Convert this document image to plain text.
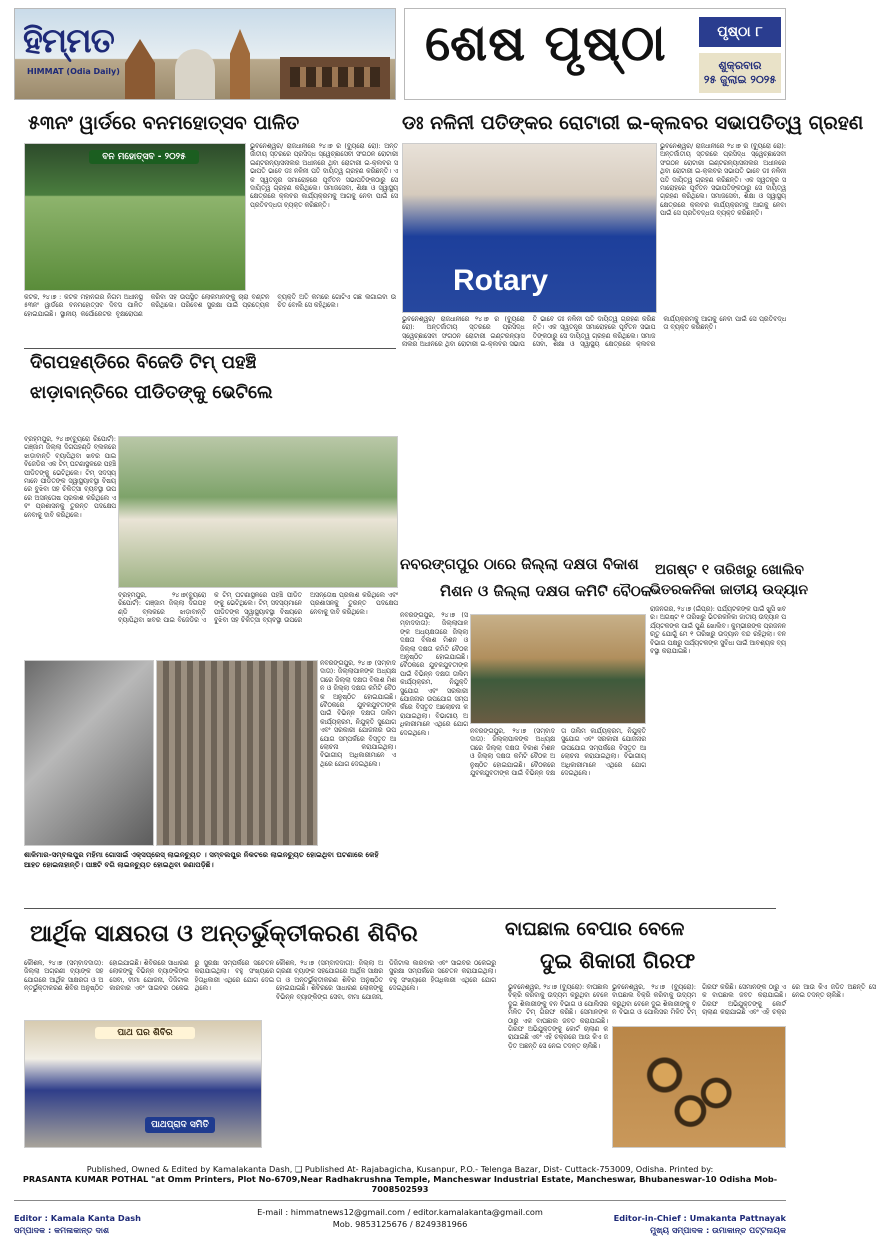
ହିମ୍ମତ
HIMMAT (Odia Daily)	ଶେଷ ପୃଷ୍ଠା	ପୃଷ୍ଠା ୮
ଶୁକ୍ରବାର
୨୫ ଜୁଲାଇ ୨୦୨୫
୫୩ନଂ ୱାର୍ଡରେ ବନମହୋତ୍ସବ ପାଳିତ
ବନ ମହୋତ୍ସବ - ୨୦୨୫
କଟକ, ୨୪।୭ : କଟକ ମହାନଗର ନିଗମ ଅଧୀନସ୍ଥ ୫୩ନଂ ୱାର୍ଡରେ ବନମହୋତ୍ସବ ଦିବସ ପାଳିତ ହୋଇଯାଇଛି। ସ୍ଥାନୀୟ କର୍ପୋରେଟର ବୃକ୍ଷରୋପଣ କରିବା ସହ ଉପସ୍ଥିତ ଲୋକମାନଙ୍କୁ ଚାରା ବଣ୍ଟନ କରିଥିଲେ। ପରିବେଶ ସୁରକ୍ଷା ପାଇଁ ପ୍ରତ୍ୟେକ ବ୍ୟକ୍ତି ଅତି କମରେ ଗୋଟିଏ ଗଛ ଲଗାଇବା ଉଚିତ ବୋଲି ସେ କହିଥିଲେ।
ଡଃ ନଳିନୀ ପତିଙ୍କର ରୋଟାରୀ ଇ-କ୍ଲବର ସଭାପତିତ୍ୱ ଗ୍ରହଣ
ଭୁବନେଶ୍ୱର/ ରାଜଧାନୀରେ ୨୪।୭ ର (ବ୍ୟୁରୋ ରୋ): ଅନ୍ତର୍ଜାତୀୟ ସ୍ତରରେ ପ୍ରସିଦ୍ଧ ସ୍ୱେଚ୍ଛାସେବୀ ସଂଗଠନ ରୋଟାରୀ ଇଣ୍ଟରନ୍ୟାସନାଲର ଅଧୀନରେ ଥିବା ରୋଟାରୀ ଇ-କ୍ଲବର ସଭାପତି ଭାବେ ଡଃ ନଳିନୀ ପତି ଦାୟିତ୍ୱ ଗ୍ରହଣ କରିଛନ୍ତି। ଏକ ସ୍ୱତନ୍ତ୍ର ସମାରୋହରେ ପୂର୍ବତନ ସଭାପତିଙ୍କଠାରୁ ସେ ଦାୟିତ୍ୱ ଗ୍ରହଣ କରିଥିଲେ। ସମାଜସେବା, ଶିକ୍ଷା ଓ ସ୍ୱାସ୍ଥ୍ୟ କ୍ଷେତ୍ରରେ କ୍ଲବର କାର୍ଯ୍ୟକ୍ରମକୁ ଆଗକୁ ନେବା ପାଇଁ ସେ ପ୍ରତିବଦ୍ଧତା ବ୍ୟକ୍ତ କରିଛନ୍ତି।
Rotary
ଭୁବନେଶ୍ୱର/ ରାଜଧାନୀରେ ୨୪।୭ ର (ବ୍ୟୁରୋ ରୋ): ଅନ୍ତର୍ଜାତୀୟ ସ୍ତରରେ ପ୍ରସିଦ୍ଧ ସ୍ୱେଚ୍ଛାସେବୀ ସଂଗଠନ ରୋଟାରୀ ଇଣ୍ଟରନ୍ୟାସନାଲର ଅଧୀନରେ ଥିବା ରୋଟାରୀ ଇ-କ୍ଲବର ସଭାପତି ଭାବେ ଡଃ ନଳିନୀ ପତି ଦାୟିତ୍ୱ ଗ୍ରହଣ କରିଛନ୍ତି। ଏକ ସ୍ୱତନ୍ତ୍ର ସମାରୋହରେ ପୂର୍ବତନ ସଭାପତିଙ୍କଠାରୁ ସେ ଦାୟିତ୍ୱ ଗ୍ରହଣ କରିଥିଲେ। ସମାଜସେବା, ଶିକ୍ଷା ଓ ସ୍ୱାସ୍ଥ୍ୟ କ୍ଷେତ୍ରରେ କ୍ଲବର କାର୍ଯ୍ୟକ୍ରମକୁ ଆଗକୁ ନେବା ପାଇଁ ସେ ପ୍ରତିବଦ୍ଧତା ବ୍ୟକ୍ତ କରିଛନ୍ତି।
ଭୁବନେଶ୍ୱର/ ରାଜଧାନୀରେ ୨୪।୭ ର (ବ୍ୟୁରୋ ରୋ): ଅନ୍ତର୍ଜାତୀୟ ସ୍ତରରେ ପ୍ରସିଦ୍ଧ ସ୍ୱେଚ୍ଛାସେବୀ ସଂଗଠନ ରୋଟାରୀ ଇଣ୍ଟରନ୍ୟାସନାଲର ଅଧୀନରେ ଥିବା ରୋଟାରୀ ଇ-କ୍ଲବର ସଭାପତି ଭାବେ ଡଃ ନଳିନୀ ପତି ଦାୟିତ୍ୱ ଗ୍ରହଣ କରିଛନ୍ତି। ଏକ ସ୍ୱତନ୍ତ୍ର ସମାରୋହରେ ପୂର୍ବତନ ସଭାପତିଙ୍କଠାରୁ ସେ ଦାୟିତ୍ୱ ଗ୍ରହଣ କରିଥିଲେ। ସମାଜସେବା, ଶିକ୍ଷା ଓ ସ୍ୱାସ୍ଥ୍ୟ କ୍ଷେତ୍ରରେ କ୍ଲବର କାର୍ଯ୍ୟକ୍ରମକୁ ଆଗକୁ ନେବା ପାଇଁ ସେ ପ୍ରତିବଦ୍ଧତା ବ୍ୟକ୍ତ କରିଛନ୍ତି।
ଦିଗପହଣ୍ଡିରେ ବିଜେଡି ଟିମ୍ ପହଞ୍ଚି
ଝାଡ଼ାବାନ୍ତିରେ ପୀଡିତଙ୍କୁ ଭେଟିଲେ
ବ୍ରହ୍ମପୁର, ୨୪।୭(ବ୍ୟୁରୋ ରିପୋର୍ଟ): ଗଞ୍ଜାମ ଜିଲ୍ଲା ଦିଗପହଣ୍ଡି ବ୍ଲକରେ ଝାଡ଼ାବାନ୍ତି ବ୍ୟାପିଥିବା ଖବର ପାଇ ବିଜେଡିର ଏକ ଟିମ୍ ଘଟଣାସ୍ଥଳରେ ପହଞ୍ଚି ପୀଡିତଙ୍କୁ ଭେଟିଥିଲେ। ଟିମ୍ ସଦସ୍ୟମାନେ ପୀଡିତଙ୍କ ସ୍ୱାସ୍ଥ୍ୟାବସ୍ଥା ବିଷୟରେ ବୁଝିବା ସହ ଚିକିତ୍ସା ବ୍ୟବସ୍ଥା ଉପରେ ଅସନ୍ତୋଷ ପ୍ରକାଶ କରିଥିଲେ ଏବଂ ପ୍ରଶାସନକୁ ତୁରନ୍ତ ପଦକ୍ଷେପ ନେବାକୁ ଦାବି କରିଥିଲେ।
ବ୍ରହ୍ମପୁର, ୨୪।୭(ବ୍ୟୁରୋ ରିପୋର୍ଟ): ଗଞ୍ଜାମ ଜିଲ୍ଲା ଦିଗପହଣ୍ଡି ବ୍ଲକରେ ଝାଡ଼ାବାନ୍ତି ବ୍ୟାପିଥିବା ଖବର ପାଇ ବିଜେଡିର ଏକ ଟିମ୍ ଘଟଣାସ୍ଥଳରେ ପହଞ୍ଚି ପୀଡିତଙ୍କୁ ଭେଟିଥିଲେ। ଟିମ୍ ସଦସ୍ୟମାନେ ପୀଡିତଙ୍କ ସ୍ୱାସ୍ଥ୍ୟାବସ୍ଥା ବିଷୟରେ ବୁଝିବା ସହ ଚିକିତ୍ସା ବ୍ୟବସ୍ଥା ଉପରେ ଅସନ୍ତୋଷ ପ୍ରକାଶ କରିଥିଲେ ଏବଂ ପ୍ରଶାସନକୁ ତୁରନ୍ତ ପଦକ୍ଷେପ ନେବାକୁ ଦାବି କରିଥିଲେ।
ନବରଙ୍ଗପୁର ଠାରେ ଜିଲ୍ଲା ଦକ୍ଷତା ବିକାଶ
ମିଶନ ଓ ଜିଲ୍ଲା ଦକ୍ଷତା କମିଟି ବୈଠକ
ନବରଙ୍ଗପୁର, ୨୪।୭ (ସମ୍ବାଦଦାତା): ଜିଲ୍ଲାପାଳଙ୍କ ଅଧ୍ୟକ୍ଷତାରେ ଜିଲ୍ଲା ଦକ୍ଷତା ବିକାଶ ମିଶନ ଓ ଜିଲ୍ଲା ଦକ୍ଷତା କମିଟି ବୈଠକ ଅନୁଷ୍ଠିତ ହୋଇଯାଇଛି। ବୈଠକରେ ଯୁବକଯୁବତୀଙ୍କ ପାଇଁ ବିଭିନ୍ନ ଦକ୍ଷତା ତାଲିମ କାର୍ଯ୍ୟକ୍ରମ, ନିଯୁକ୍ତି ସୁଯୋଗ ଏବଂ ସରକାରୀ ଯୋଜନାର ଉପଯୋଗ ସମ୍ପର୍କରେ ବିସ୍ତୃତ ଆଲୋଚନା କରାଯାଇଥିଲା। ବିଭାଗୀୟ ଅଧିକାରୀମାନେ ଏଥିରେ ଯୋଗ ଦେଇଥିଲେ।	ନବରଙ୍ଗପୁର, ୨୪।୭ (ସମ୍ବାଦଦାତା): ଜିଲ୍ଲାପାଳଙ୍କ ଅଧ୍ୟକ୍ଷତାରେ ଜିଲ୍ଲା ଦକ୍ଷତା ବିକାଶ ମିଶନ ଓ ଜିଲ୍ଲା ଦକ୍ଷତା କମିଟି ବୈଠକ ଅନୁଷ୍ଠିତ ହୋଇଯାଇଛି। ବୈଠକରେ ଯୁବକଯୁବତୀଙ୍କ ପାଇଁ ବିଭିନ୍ନ ଦକ୍ଷତା ତାଲିମ କାର୍ଯ୍ୟକ୍ରମ, ନିଯୁକ୍ତି ସୁଯୋଗ ଏବଂ ସରକାରୀ ଯୋଜନାର ଉପଯୋଗ ସମ୍ପର୍କରେ ବିସ୍ତୃତ ଆଲୋଚନା କରାଯାଇଥିଲା। ବିଭାଗୀୟ ଅଧିକାରୀମାନେ ଏଥିରେ ଯୋଗ ଦେଇଥିଲେ।
ନବରଙ୍ଗପୁର, ୨୪।୭ (ସମ୍ବାଦଦାତା): ଜିଲ୍ଲାପାଳଙ୍କ ଅଧ୍ୟକ୍ଷତାରେ ଜିଲ୍ଲା ଦକ୍ଷତା ବିକାଶ ମିଶନ ଓ ଜିଲ୍ଲା ଦକ୍ଷତା କମିଟି ବୈଠକ ଅନୁଷ୍ଠିତ ହୋଇଯାଇଛି। ବୈଠକରେ ଯୁବକଯୁବତୀଙ୍କ ପାଇଁ ବିଭିନ୍ନ ଦକ୍ଷତା ତାଲିମ କାର୍ଯ୍ୟକ୍ରମ, ନିଯୁକ୍ତି ସୁଯୋଗ ଏବଂ ସରକାରୀ ଯୋଜନାର ଉପଯୋଗ ସମ୍ପର୍କରେ ବିସ୍ତୃତ ଆଲୋଚନା କରାଯାଇଥିଲା। ବିଭାଗୀୟ ଅଧିକାରୀମାନେ ଏଥିରେ ଯୋଗ ଦେଇଥିଲେ।
ଅଗଷ୍ଟ ୧ ତାରିଖରୁ ଖୋଲିବ
ଭିତରକନିକା ଜାତୀୟ ଉଦ୍ୟାନ
ରାଜନଗର, ୨୪।୭ (ଇଁପ୍ର): ପର୍ଯ୍ୟଟକଙ୍କ ପାଇଁ ଖୁସି ଖବର। ଅଗଷ୍ଟ ୧ ତାରିଖରୁ ଭିତରକନିକା ଜାତୀୟ ଉଦ୍ୟାନ ପର୍ଯ୍ୟଟକଙ୍କ ପାଇଁ ପୁଣି ଖୋଲିବ। କୁମ୍ଭୀରଙ୍କ ପ୍ରଜନନ ଋତୁ ଯୋଗୁଁ ମେ ୧ ତାରିଖରୁ ଉଦ୍ୟାନ ବନ୍ଦ ରହିଥିଲା। ବନ ବିଭାଗ ପକ୍ଷରୁ ପର୍ଯ୍ୟଟକଙ୍କ ସୁବିଧା ପାଇଁ ଆବଶ୍ୟକ ବ୍ୟବସ୍ଥା କରାଯାଇଛି।
ଶାଳିମାର-ସମ୍ବଲପୁର ମହିମା ଗୋସାଇଁ ଏକ୍ସପ୍ରେସ୍ ଲାଇନଚ୍ୟୁତ । ସମ୍ବଲପୁର ନିକଟରେ ଲାଇନଚ୍ୟୁତ ହୋଇଥିବା ଘଟଣାରେ କେହି ଆହତ ହୋଇନାହାନ୍ତି। ପାଞ୍ଚଟି ବଗି ଲାଇନଚ୍ୟୁତ ହୋଇଥିବା ଜଣାପଡ଼ିଛି।
ଆର୍ଥିକ ସାକ୍ଷରତା ଓ ଅନ୍ତର୍ଭୁକ୍ତୀକରଣ ଶିବିର
କୌଶଳ, ୨୪।୭ (ସମ୍ବାଦଦାତା): ଜିଲ୍ଲା ଅଗ୍ରଣୀ ବ୍ୟାଙ୍କ ସହଯୋଗରେ ଆର୍ଥିକ ସାକ୍ଷରତା ଓ ଅନ୍ତର୍ଭୁକ୍ତୀକରଣ ଶିବିର ଅନୁଷ୍ଠିତ ହୋଇଯାଇଛି। ଶିବିରରେ ସାଧାରଣ ଲୋକଙ୍କୁ ବିଭିନ୍ନ ବ୍ୟାଙ୍କିଙ୍ଗ ସେବା, ବୀମା ଯୋଜନା, ଡିଜିଟାଲ କାରବାର ଏବଂ ସାଇବର ଠକେଇରୁ ସୁରକ୍ଷା ସମ୍ପର୍କରେ ସଚେତନ କରାଯାଇଥିଲା। ବହୁ ସଂଖ୍ୟାରେ ହିତାଧିକାରୀ ଏଥିରେ ଯୋଗ ଦେଇଥିଲେ।
ପାଥ ଘର ଶିବିର
ପାଥପ୍ରାଦ ସମିତି
କୌଶଳ, ୨୪।୭ (ସମ୍ବାଦଦାତା): ଜିଲ୍ଲା ଅଗ୍ରଣୀ ବ୍ୟାଙ୍କ ସହଯୋଗରେ ଆର୍ଥିକ ସାକ୍ଷରତା ଓ ଅନ୍ତର୍ଭୁକ୍ତୀକରଣ ଶିବିର ଅନୁଷ୍ଠିତ ହୋଇଯାଇଛି। ଶିବିରରେ ସାଧାରଣ ଲୋକଙ୍କୁ ବିଭିନ୍ନ ବ୍ୟାଙ୍କିଙ୍ଗ ସେବା, ବୀମା ଯୋଜନା, ଡିଜିଟାଲ କାରବାର ଏବଂ ସାଇବର ଠକେଇରୁ ସୁରକ୍ଷା ସମ୍ପର୍କରେ ସଚେତନ କରାଯାଇଥିଲା। ବହୁ ସଂଖ୍ୟାରେ ହିତାଧିକାରୀ ଏଥିରେ ଯୋଗ ଦେଇଥିଲେ।
ବାଘଛାଲ ବେପାର ବେଳେ
ଦୁଇ ଶିକାରୀ ଗିରଫ
ଭୁବନେଶ୍ୱର, ୨୪।୭ (ବ୍ୟୁରୋ): ବାଘଛାଲ ବିକ୍ରି କରିବାକୁ ଉଦ୍ୟମ କରୁଥିବା ବେଳେ ଦୁଇ ଶିକାରୀଙ୍କୁ ବନ ବିଭାଗ ଓ ପୋଲିସର ମିଳିତ ଟିମ୍ ଗିରଫ କରିଛି। ସେମାନଙ୍କ ଠାରୁ ଏକ ବାଘଛାଲ ଜବତ କରାଯାଇଛି। ଗିରଫ ଅଭିଯୁକ୍ତଙ୍କୁ କୋର୍ଟ ଚାଲାଣ କରାଯାଇଛି ଏବଂ ଏହି ଚକ୍ରରେ ଆଉ କିଏ ଜଡ଼ିତ ଅଛନ୍ତି ସେ ନେଇ ତଦନ୍ତ ଚାଲିଛି।
ଭୁବନେଶ୍ୱର, ୨୪।୭ (ବ୍ୟୁରୋ): ବାଘଛାଲ ବିକ୍ରି କରିବାକୁ ଉଦ୍ୟମ କରୁଥିବା ବେଳେ ଦୁଇ ଶିକାରୀଙ୍କୁ ବନ ବିଭାଗ ଓ ପୋଲିସର ମିଳିତ ଟିମ୍ ଗିରଫ କରିଛି। ସେମାନଙ୍କ ଠାରୁ ଏକ ବାଘଛାଲ ଜବତ କରାଯାଇଛି। ଗିରଫ ଅଭିଯୁକ୍ତଙ୍କୁ କୋର୍ଟ ଚାଲାଣ କରାଯାଇଛି ଏବଂ ଏହି ଚକ୍ରରେ ଆଉ କିଏ ଜଡ଼ିତ ଅଛନ୍ତି ସେ ନେଇ ତଦନ୍ତ ଚାଲିଛି।
Published, Owned & Edited by Kamalakanta Dash, ❑ Published At- Rajabagicha, Kusanpur, P.O.- Telenga Bazar, Dist- Cuttack-753009, Odisha. Printed by:
PRASANTA KUMAR POTHAL "at Omm Printers, Plot No-6709,Near Radhakrushna Temple, Mancheswar Industrial Estate, Mancheswar, Bhubaneswar-10 Odisha Mob-7008502593
E-mail : himmatnews12@gmail.com / editor.kamalakanta@gmail.com
Mob. 9853125676 / 8249381966
Editor : Kamala Kanta Dash
ସମ୍ପାଦକ : କମଳାକାନ୍ତ ଦାଶ
Editor-in-Chief : Umakanta Pattnayak
ମୁଖ୍ୟ ସମ୍ପାଦକ : ଉମାକାନ୍ତ ପଟ୍ଟନାୟକ
